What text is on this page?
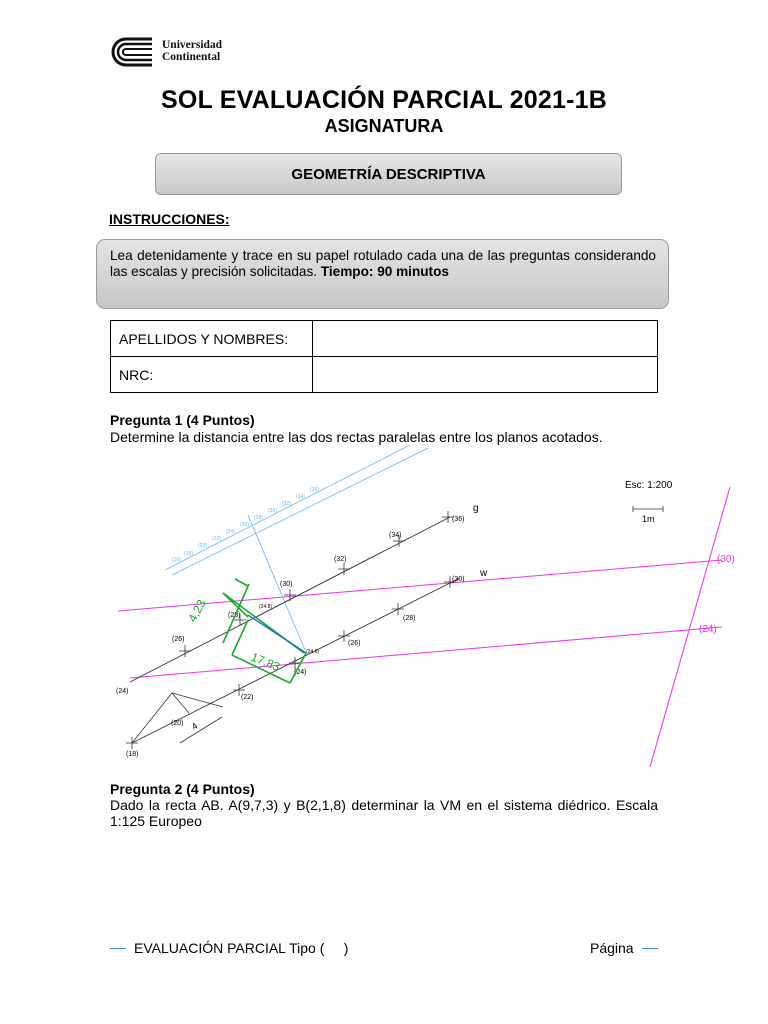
Universidad
Continental
SOL EVALUACIÓN PARCIAL 2021-1B
ASIGNATURA
GEOMETRÍA DESCRIPTIVA
INSTRUCCIONES:
Lea detenidamente y trace en su papel rotulado cada una de las preguntas considerando las escalas y precisión solicitadas. Tiempo: 90 minutos
APELLIDOS Y NOMBRES:	
NRC:	
Pregunta 1 (4 Puntos)
Determine la distancia entre las dos rectas paralelas entre los planos acotados.
(30)
(24)
(16)
(18)
(20)
(22)
(24)
(26)
(28)
(30)
(32)
(34)
(36)
g
(24)
(26)
(28)
(30)
(32)
(34)
(36)
w
(18)
(20)
(22)
(24)
(26)
(28)
(30)
(24.8)
(24.6)
4
4,23
17,83
Esc: 1:200
1m
Pregunta 2 (4 Puntos)
Dado la recta AB. A(9,7,3) y B(2,1,8) determinar la VM en el sistema diédrico. Escala 1:125 Europeo
EVALUACIÓN PARCIAL Tipo (     )	Página
